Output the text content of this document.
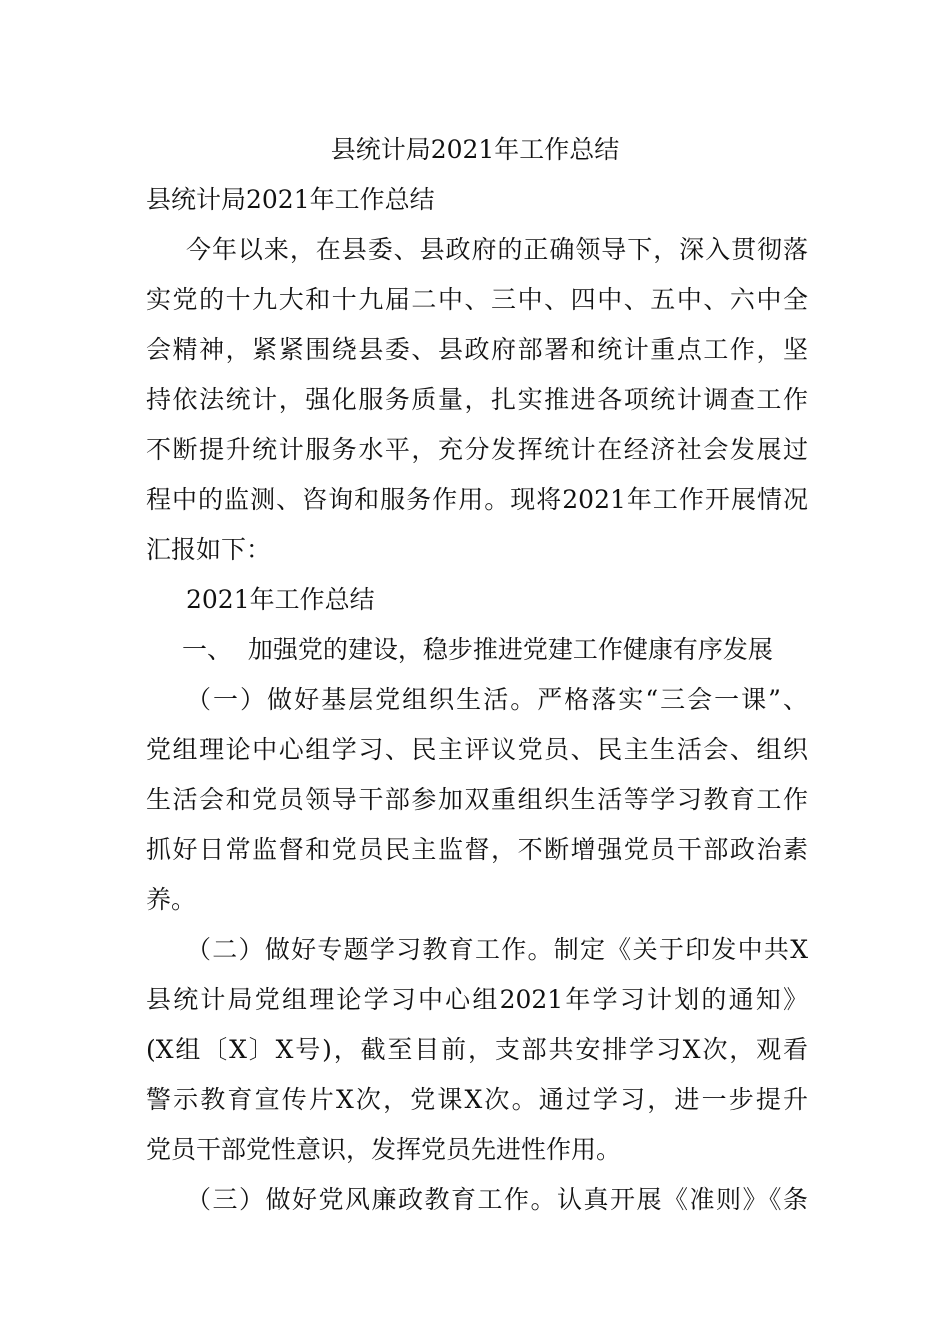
县统计局2021年工作总结
县统计局2021年工作总结
今年以来，在县委、县政府的正确领导下，深入贯彻落
实党的十九大和十九届二中、三中、四中、五中、六中全
会精神，紧紧围绕县委、县政府部署和统计重点工作，坚
持依法统计，强化服务质量，扎实推进各项统计调查工作
不断提升统计服务水平，充分发挥统计在经济社会发展过
程中的监测、咨询和服务作用。现将2021年工作开展情况
汇报如下：
2021年工作总结
一、  加强党的建设，稳步推进党建工作健康有序发展
（一）做好基层党组织生活。严格落实“三会一课”、
党组理论中心组学习、民主评议党员、民主生活会、组织
生活会和党员领导干部参加双重组织生活等学习教育工作
抓好日常监督和党员民主监督，不断增强党员干部政治素
养。
（二）做好专题学习教育工作。制定《关于印发中共X
县统计局党组理论学习中心组2021年学习计划的通知》
(X组〔X〕X号)，截至目前，支部共安排学习X次，观看
警示教育宣传片X次，党课X次。通过学习，进一步提升
党员干部党性意识，发挥党员先进性作用。
（三）做好党风廉政教育工作。认真开展《准则》《条
